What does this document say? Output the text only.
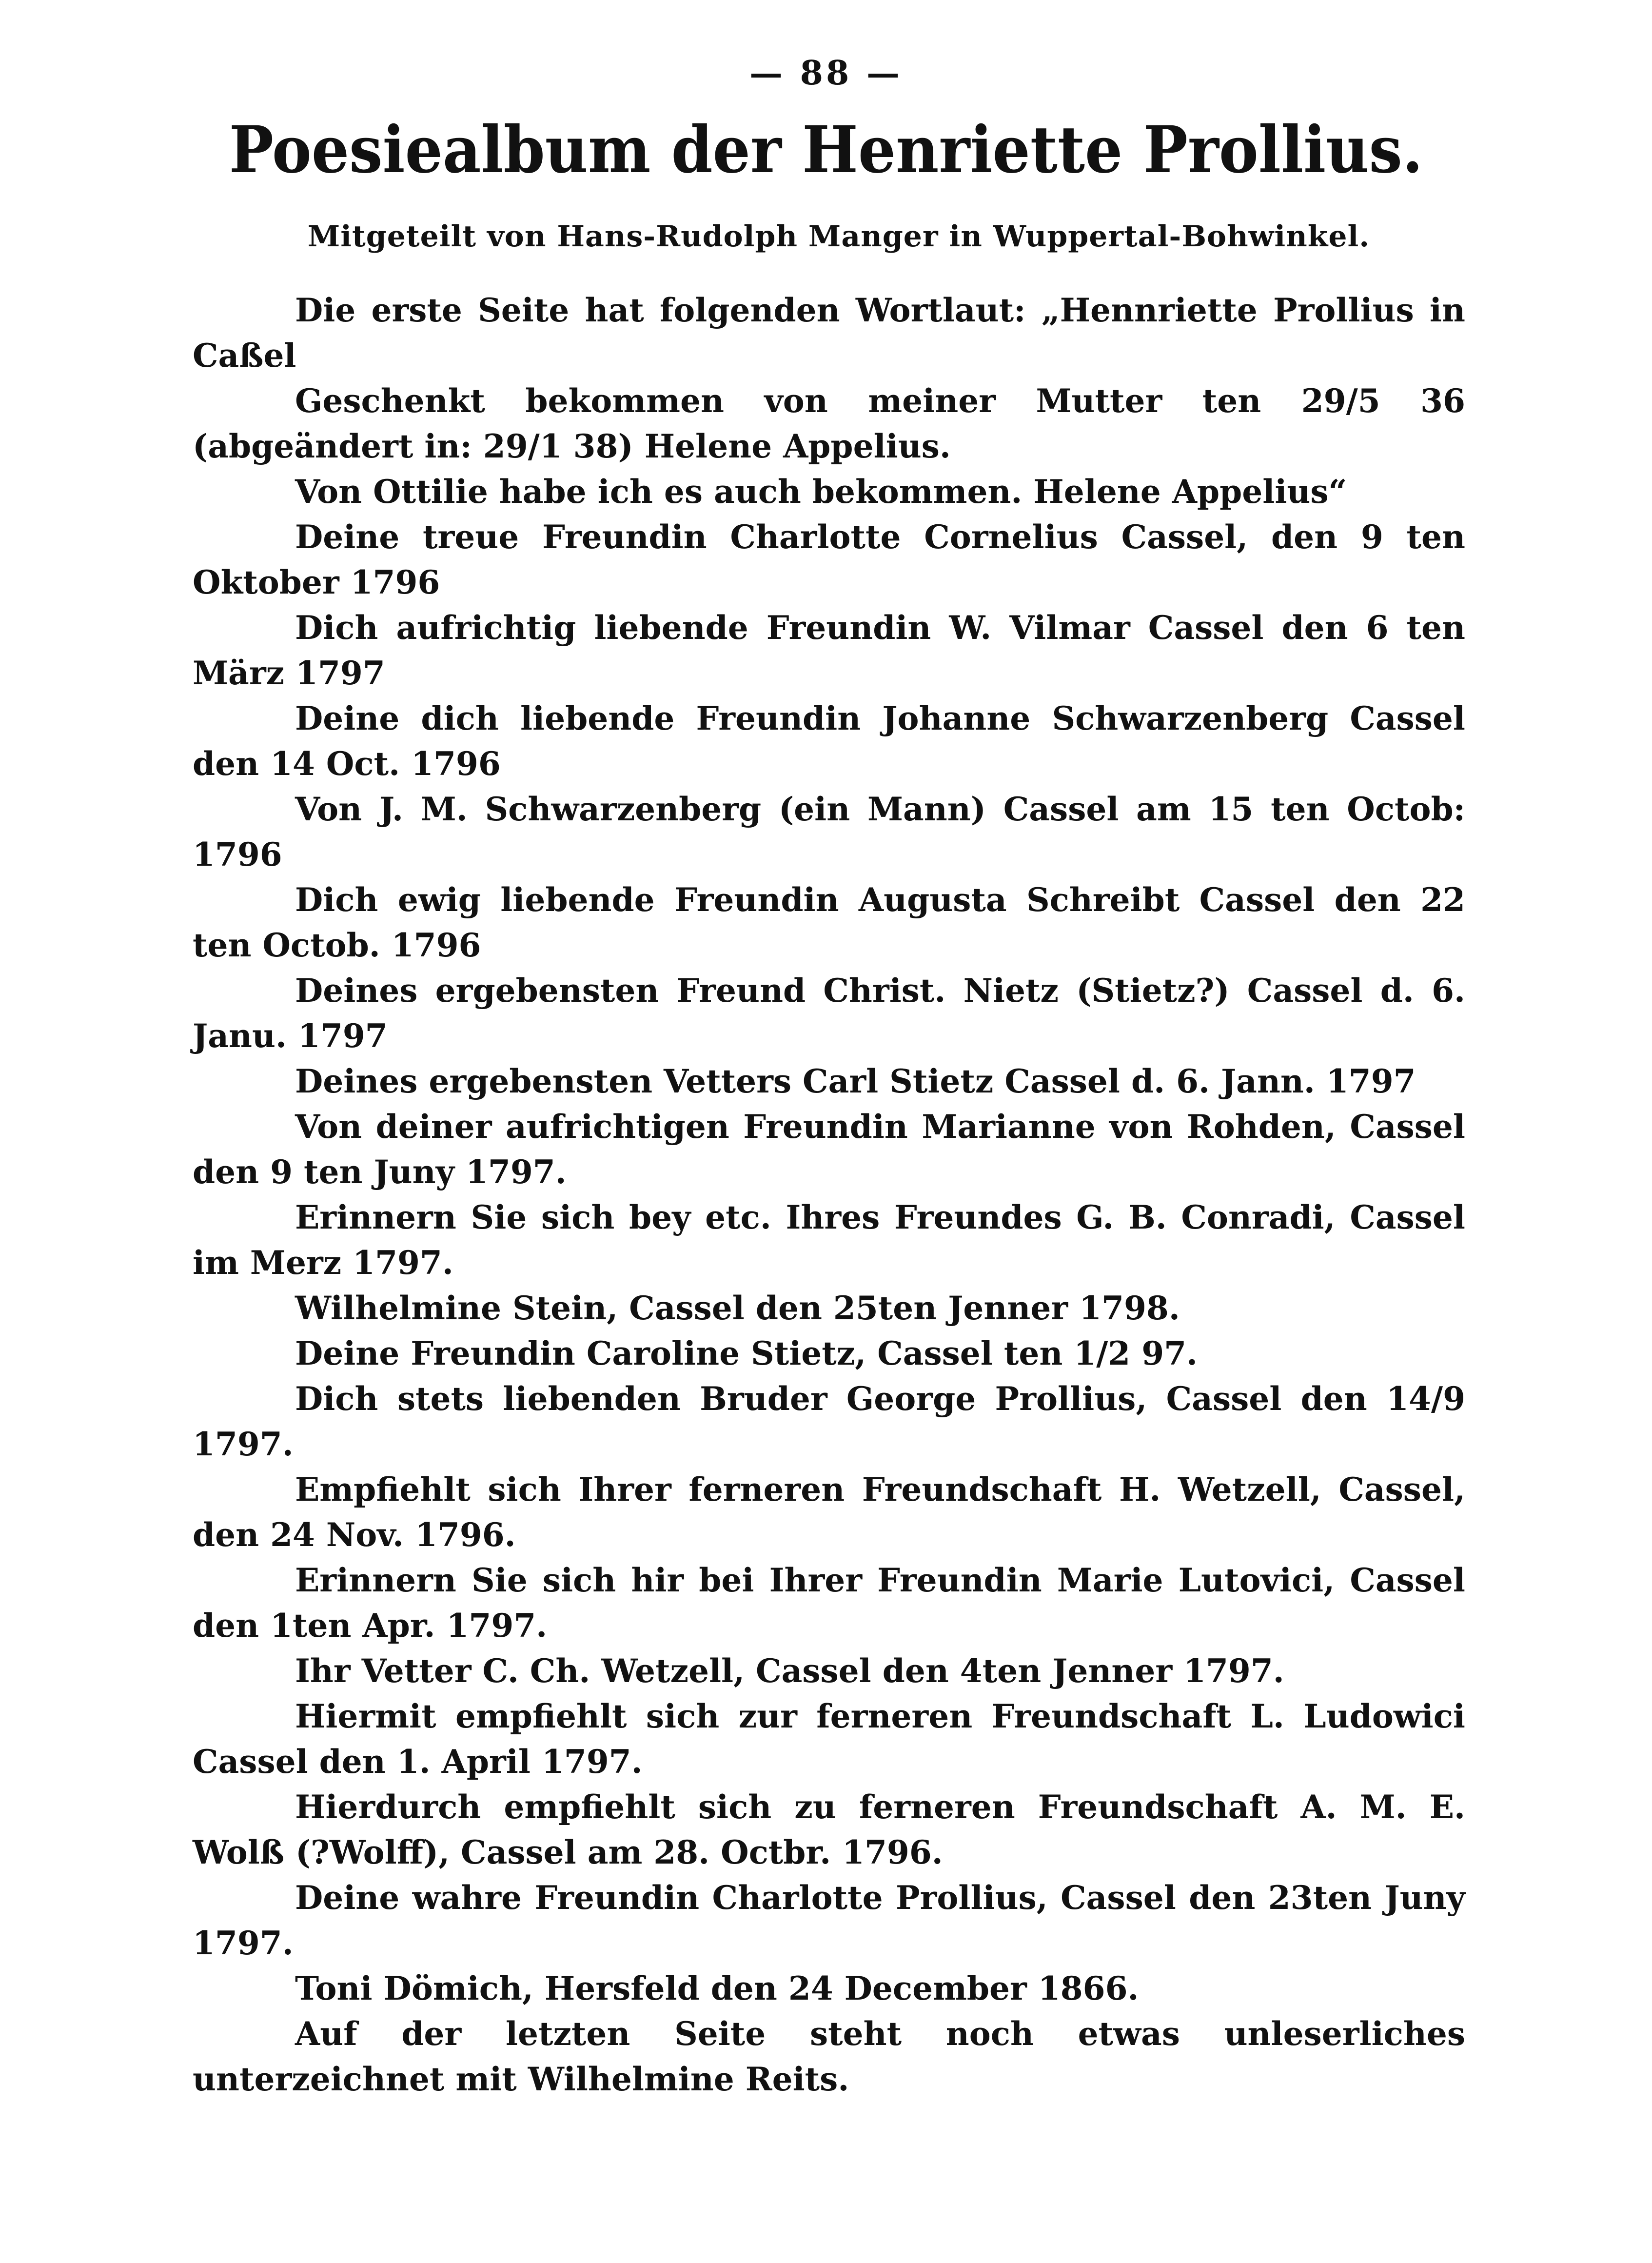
— 88 —
Poesiealbum der Henriette Prollius.
Mitgeteilt von Hans-Rudolph Manger in Wuppertal-Bohwinkel.

Die erste Seite hat folgenden Wortlaut: „Hennriette Prollius in Caßel

Geschenkt bekommen von meiner Mutter ten 29/5 36 (abgeändert in: 29/1 38) Helene Appelius.

Von Ottilie habe ich es auch bekommen. Helene Appelius“

Deine treue Freundin Charlotte Cornelius Cassel, den 9 ten Oktober 1796

Dich aufrichtig liebende Freundin W. Vilmar Cassel den 6 ten März 1797

Deine dich liebende Freundin Johanne Schwarzenberg Cassel den 14 Oct. 1796

Von J. M. Schwarzenberg (ein Mann) Cassel am 15 ten Octob: 1796

Dich ewig liebende Freundin Augusta Schreibt Cassel den 22 ten Octob. 1796

Deines ergebensten Freund Christ. Nietz (Stietz?) Cassel d. 6. Janu. 1797

Deines ergebensten Vetters Carl Stietz Cassel d. 6. Jann. 1797

Von deiner aufrichtigen Freundin Marianne von Rohden, Cassel den 9 ten Juny 1797.

Erinnern Sie sich bey etc. Ihres Freundes G. B. Conradi, Cassel im Merz 1797.

Wilhelmine Stein, Cassel den 25ten Jenner 1798.

Deine Freundin Caroline Stietz, Cassel ten 1/2 97.

Dich stets liebenden Bruder George Prollius, Cassel den 14/9 1797.

Empfiehlt sich Ihrer ferneren Freundschaft H. Wetzell, Cassel, den 24 Nov. 1796.

Erinnern Sie sich hir bei Ihrer Freundin Marie Lutovici, Cassel den 1ten Apr. 1797.

Ihr Vetter C. Ch. Wetzell, Cassel den 4ten Jenner 1797.

Hiermit empfiehlt sich zur ferneren Freundschaft L. Ludowici Cassel den 1. April 1797.

Hierdurch empfiehlt sich zu ferneren Freundschaft A. M. E. Wolß (?Wolff), Cassel am 28. Octbr. 1796.

Deine wahre Freundin Charlotte Prollius, Cassel den 23ten Juny 1797.

Toni Dömich, Hersfeld den 24 December 1866.

Auf der letzten Seite steht noch etwas unleserliches unterzeichnet mit Wilhelmine Reits.
